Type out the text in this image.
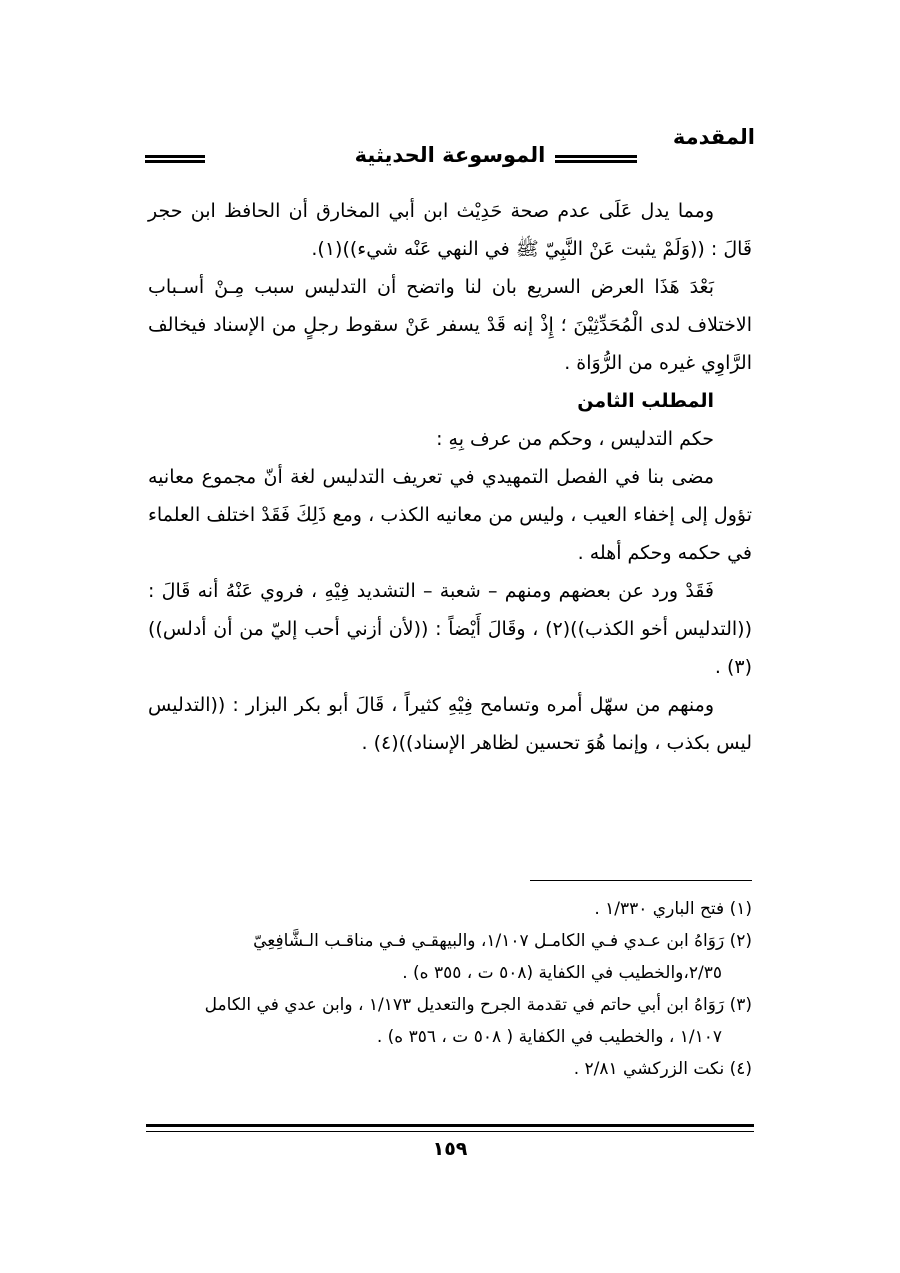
المقدمة
الموسوعة الحديثية

ومما يدل عَلَى عدم صحة حَدِيْث ابن أبي المخارق أن الحافظ ابن حجر قَالَ : ((وَلَمْ يثبت عَنْ النَّبِيّ ﷺ في النهي عَنْه شيء))(١).

بَعْدَ هَذَا العرض السريع بان لنا واتضح أن التدليس سبب مِـنْ أسـباب الاختلاف لدى الْمُحَدِّثِيْنَ ؛ إِذْ إنه قَدْ يسفر عَنْ سقوط رجلٍ من الإسناد فيخالف الرَّاوِي غيره من الرُّوَاة .

المطلب الثامن

حكم التدليس ، وحكم من عرف بِهِ :

مضى بنا في الفصل التمهيدي في تعريف التدليس لغة أنّ مجموع معانيه تؤول إلى إخفاء العيب ، وليس من معانيه الكذب ، ومع ذَلِكَ فَقَدْ اختلف العلماء في حكمه وحكم أهله .

فَقَدْ ورد عن بعضهم ومنهم – شعبة – التشديد فِيْهِ ، فروي عَنْهُ أنه قَالَ : ((التدليس أخو الكذب))(٢) ، وقَالَ أَيْضاً : ((لأن أزني أحب إليّ من أن أدلس))(٣) .

ومنهم من سهّل أمره وتسامح فِيْهِ كثيراً ، قَالَ أبو بكر البزار : ((التدليس ليس بكذب ، وإنما هُوَ تحسين لظاهر الإسناد))(٤) .

(١) فتح الباري ١/٣٣٠ .

(٢) رَوَاهُ ابن عـدي فـي الكامـل ١/١٠٧، والبيهقـي فـي مناقـب الـشَّافِعِيّ

٢/٣٥،والخطيب في الكفاية (٥٠٨ ت ، ٣٥٥ ه) .

(٣) رَوَاهُ ابن أبي حاتم في تقدمة الجرح والتعديل ١/١٧٣ ، وابن عدي في الكامل

١/١٠٧ ، والخطيب في الكفاية ( ٥٠٨ ت ، ٣٥٦ ه) .

(٤) نكت الزركشي ٢/٨١ .

١٥٩
